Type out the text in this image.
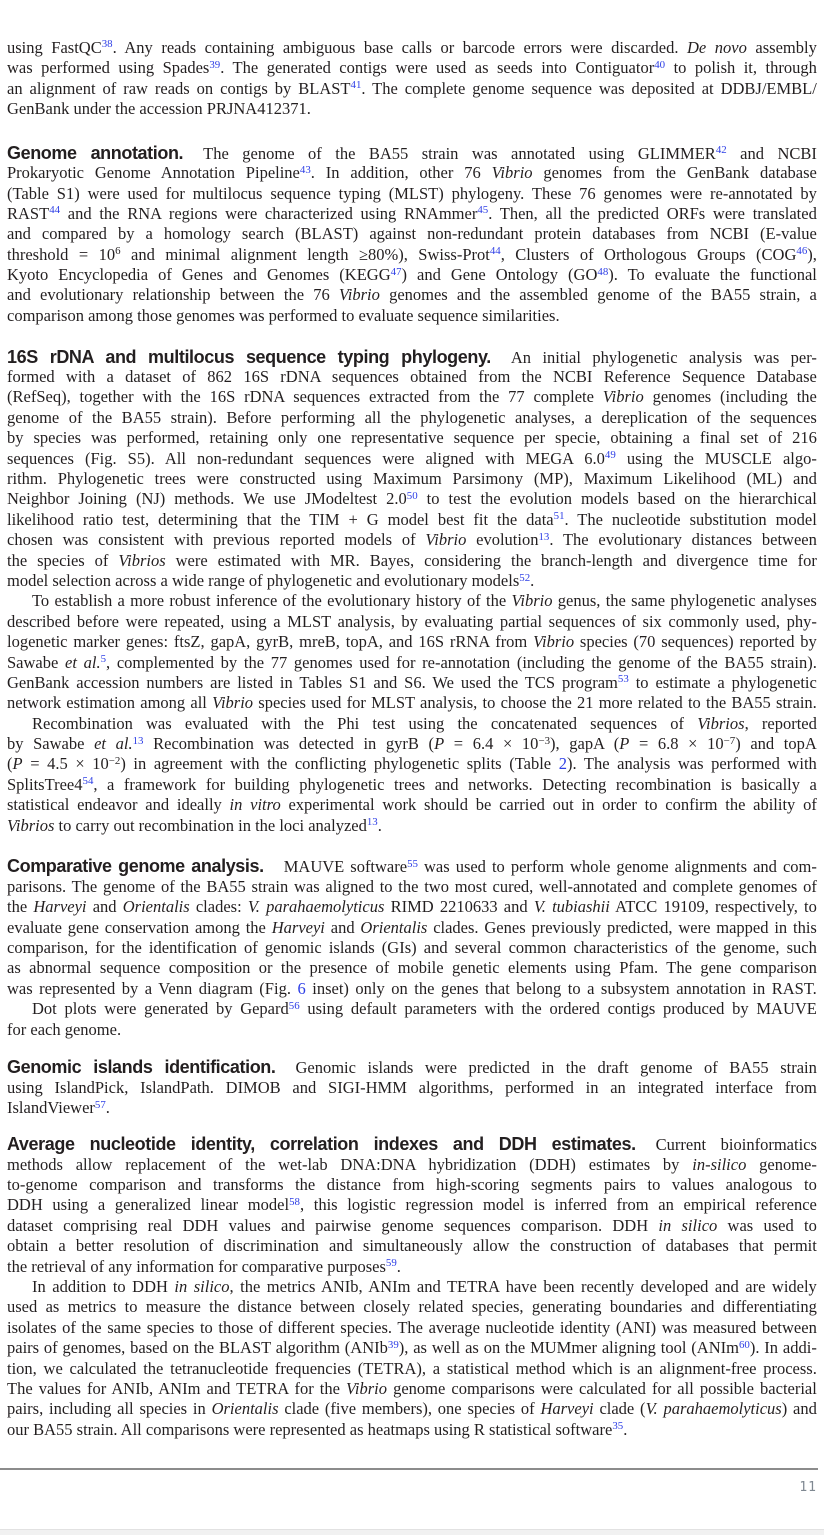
using FastQC$^{38}$. Any reads containing ambiguous base calls or barcode errors were discarded. De novo assembly
was performed using Spades$^{39}$. The generated contigs were used as seeds into Contiguator$^{40}$ to polish it, through
an alignment of raw reads on contigs by BLAST$^{41}$. The complete genome sequence was deposited at DDBJ/EMBL/
GenBank under the accession PRJNA412371.
Genome annotation. The genome of the BA55 strain was annotated using GLIMMER$^{42}$ and NCBI
Prokaryotic Genome Annotation Pipeline$^{43}$. In addition, other 76 Vibrio genomes from the GenBank database
(Table S1) were used for multilocus sequence typing (MLST) phylogeny. These 76 genomes were re-annotated by
RAST$^{44}$ and the RNA regions were characterized using RNAmmer$^{45}$. Then, all the predicted ORFs were translated
and compared by a homology search (BLAST) against non-redundant protein databases from NCBI (E-value
threshold = $10^6$ and minimal alignment length ≥80%), Swiss-Prot$^{44}$, Clusters of Orthologous Groups (COG$^{46}$),
Kyoto Encyclopedia of Genes and Genomes (KEGG$^{47}$) and Gene Ontology (GO$^{48}$). To evaluate the functional
and evolutionary relationship between the 76 Vibrio genomes and the assembled genome of the BA55 strain, a
comparison among those genomes was performed to evaluate sequence similarities.
16S rDNA and multilocus sequence typing phylogeny. An initial phylogenetic analysis was per-
formed with a dataset of 862 16S rDNA sequences obtained from the NCBI Reference Sequence Database
(RefSeq), together with the 16S rDNA sequences extracted from the 77 complete Vibrio genomes (including the
genome of the BA55 strain). Before performing all the phylogenetic analyses, a dereplication of the sequences
by species was performed, retaining only one representative sequence per specie, obtaining a final set of 216
sequences (Fig. S5). All non-redundant sequences were aligned with MEGA 6.0$^{49}$ using the MUSCLE algo-
rithm. Phylogenetic trees were constructed using Maximum Parsimony (MP), Maximum Likelihood (ML) and
Neighbor Joining (NJ) methods. We use JModeltest 2.0$^{50}$ to test the evolution models based on the hierarchical
likelihood ratio test, determining that the TIM + G model best fit the data$^{51}$. The nucleotide substitution model
chosen was consistent with previous reported models of Vibrio evolution$^{13}$. The evolutionary distances between
the species of Vibrios were estimated with MR. Bayes, considering the branch-length and divergence time for
model selection across a wide range of phylogenetic and evolutionary models$^{52}$.
To establish a more robust inference of the evolutionary history of the Vibrio genus, the same phylogenetic analyses
described before were repeated, using a MLST analysis, by evaluating partial sequences of six commonly used, phy-
logenetic marker genes: ftsZ, gapA, gyrB, mreB, topA, and 16S rRNA from Vibrio species (70 sequences) reported by
Sawabe et al.$^5$, complemented by the 77 genomes used for re-annotation (including the genome of the BA55 strain).
GenBank accession numbers are listed in Tables S1 and S6. We used the TCS program$^{53}$ to estimate a phylogenetic
network estimation among all Vibrio species used for MLST analysis, to choose the 21 more related to the BA55 strain.
Recombination was evaluated with the Phi test using the concatenated sequences of Vibrios, reported
by Sawabe et al.$^{13}$ Recombination was detected in gyrB $(P = 6.4 \times 10^{-3})$, gapA $(P = 6.8 \times 10^{-7})$ and topA
$(P = 4.5 \times 10^{-2})$ in agreement with the conflicting phylogenetic splits (Table 2). The analysis was performed with
SplitsTree4$^{54}$, a framework for building phylogenetic trees and networks. Detecting recombination is basically a
statistical endeavor and ideally in vitro experimental work should be carried out in order to confirm the ability of
Vibrios to carry out recombination in the loci analyzed$^{13}$.
Comparative genome analysis. MAUVE software$^{55}$ was used to perform whole genome alignments and com-
parisons. The genome of the BA55 strain was aligned to the two most cured, well-annotated and complete genomes of
the Harveyi and Orientalis clades: V. parahaemolyticus RIMD 2210633 and V. tubiashii ATCC 19109, respectively, to
evaluate gene conservation among the Harveyi and Orientalis clades. Genes previously predicted, were mapped in this
comparison, for the identification of genomic islands (GIs) and several common characteristics of the genome, such
as abnormal sequence composition or the presence of mobile genetic elements using Pfam. The gene comparison
was represented by a Venn diagram (Fig. 6 inset) only on the genes that belong to a subsystem annotation in RAST.
Dot plots were generated by Gepard$^{56}$ using default parameters with the ordered contigs produced by MAUVE
for each genome.
Genomic islands identification. Genomic islands were predicted in the draft genome of BA55 strain
using IslandPick, IslandPath. DIMOB and SIGI-HMM algorithms, performed in an integrated interface from
IslandViewer$^{57}$.
Average nucleotide identity, correlation indexes and DDH estimates. Current bioinformatics
methods allow replacement of the wet-lab DNA:DNA hybridization (DDH) estimates by in-silico genome-
to-genome comparison and transforms the distance from high-scoring segments pairs to values analogous to
DDH using a generalized linear model$^{58}$, this logistic regression model is inferred from an empirical reference
dataset comprising real DDH values and pairwise genome sequences comparison. DDH in silico was used to
obtain a better resolution of discrimination and simultaneously allow the construction of databases that permit
the retrieval of any information for comparative purposes$^{59}$.
In addition to DDH in silico, the metrics ANIb, ANIm and TETRA have been recently developed and are widely
used as metrics to measure the distance between closely related species, generating boundaries and differentiating
isolates of the same species to those of different species. The average nucleotide identity (ANI) was measured between
pairs of genomes, based on the BLAST algorithm (ANIb$^{39}$), as well as on the MUMmer aligning tool (ANIm$^{60}$). In addi-
tion, we calculated the tetranucleotide frequencies (TETRA), a statistical method which is an alignment-free process.
The values for ANIb, ANIm and TETRA for the Vibrio genome comparisons were calculated for all possible bacterial
pairs, including all species in Orientalis clade (five members), one species of Harveyi clade (V. parahaemolyticus) and
our BA55 strain. All comparisons were represented as heatmaps using R statistical software$^{35}$.
11
